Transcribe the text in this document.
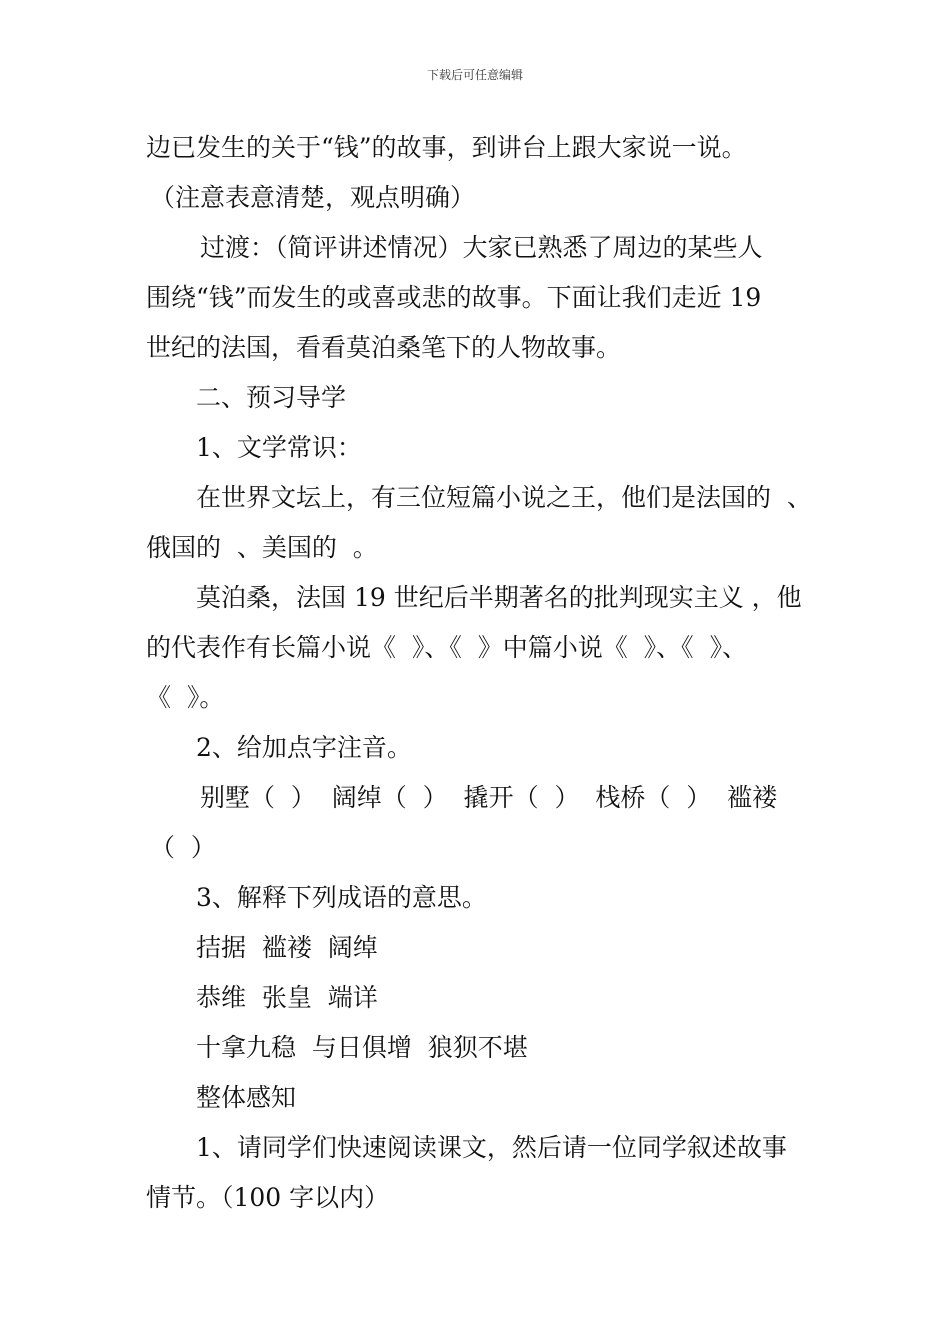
下载后可任意编辑
边已发生的关于“钱”的故事，到讲台上跟大家说一说。
（注意表意清楚，观点明确）
过渡：（简评讲述情况）大家已熟悉了周边的某些人
围绕“钱”而发生的或喜或悲的故事。下面让我们走近 19
世纪的法国，看看莫泊桑笔下的人物故事。
二、预习导学
1、文学常识：
在世界文坛上，有三位短篇小说之王，他们是法国的  、
俄国的  、美国的  。
莫泊桑，法国 19 世纪后半期著名的批判现实主义 ，他
的代表作有长篇小说《  》、《  》中篇小说《  》、《  》、
《  》。
2、给加点字注音。
别墅（  ）  阔绰（  ）  撬开（  ）  栈桥（  ）  褴褛
（  ）
3、解释下列成语的意思。
拮据  褴褛  阔绰
恭维  张皇  端详
十拿九稳  与日俱增  狼狈不堪
整体感知
1、请同学们快速阅读课文，然后请一位同学叙述故事
情节。（100 字以内）
